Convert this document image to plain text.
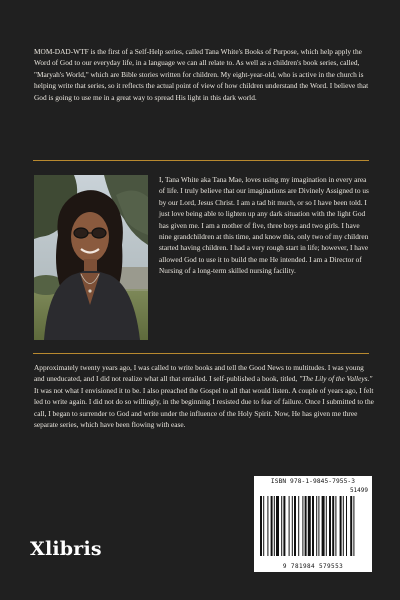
MOM-DAD-WTF is the first of a Self-Help series, called Tana White's Books of Purpose, which help apply the Word of God to our everyday life, in a language we can all relate to. As well as a children's book series, called, "Maryah's World," which are Bible stories written for children. My eight-year-old, who is active in the church is helping write that series, so it reflects the actual point of view of how children understand the Word. I believe that God is going to use me in a great way to spread His light in this dark world.

I, Tana White aka Tana Mae, loves using my imagination in every area of life. I truly believe that our imaginations are Divinely Assigned to us by our Lord, Jesus Christ. I am a tad bit much, or so I have been told. I just love being able to lighten up any dark situation with the light God has given me. I am a mother of five, three boys and two girls. I have nine grandchildren at this time, and know this, only two of my children started having children. I had a very rough start in life; however, I have allowed God to use it to build the me He intended. I am a Director of Nursing of a long-term skilled nursing facility.

Approximately twenty years ago, I was called to write books and tell the Good News to multitudes. I was young and uneducated, and I did not realize what all that entailed. I self-published a book, titled, "The Lily of the Valleys." It was not what I envisioned it to be. I also preached the Gospel to all that would listen. A couple of years ago, I felt led to write again. I did not do so willingly, in the beginning I resisted due to fear of failure. Once I submitted to the call, I began to surrender to God and write under the influence of the Holy Spirit. Now, He has given me three separate series, which have been flowing with ease.

ISBN 978-1-9845-7955-3
51499
9 781984 579553
Xlibris
